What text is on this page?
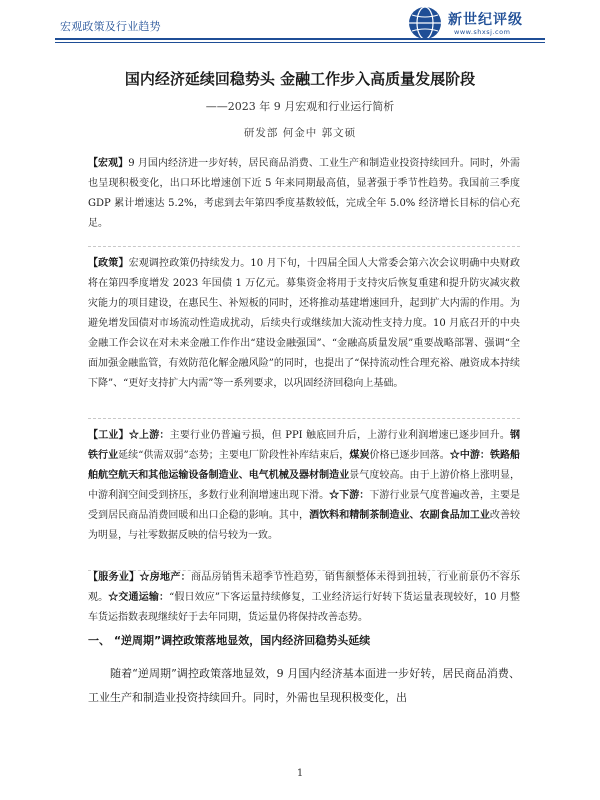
宏观政策及行业趋势	新世纪评级
www.shxsj.com
国内经济延续回稳势头 金融工作步入高质量发展阶段
——2023 年 9 月宏观和行业运行简析
研发部 何金中 郭文硕

【宏观】9 月国内经济进一步好转，居民商品消费、工业生产和制造业投资持续回升。同时，外需也呈现积极变化，出口环比增速创下近 5 年来同期最高值，显著强于季节性趋势。我国前三季度 GDP 累计增速达 5.2%，考虑到去年第四季度基数较低，完成全年 5.0% 经济增长目标的信心充足。

【政策】宏观调控政策仍持续发力。10 月下旬，十四届全国人大常委会第六次会议明确中央财政将在第四季度增发 2023 年国债 1 万亿元。募集资金将用于支持灾后恢复重建和提升防灾减灾救灾能力的项目建设，在惠民生、补短板的同时，还将推动基建增速回升，起到扩大内需的作用。为避免增发国债对市场流动性造成扰动，后续央行或继续加大流动性支持力度。10 月底召开的中央金融工作会议在对未来金融工作作出“建设金融强国”、“金融高质量发展”重要战略部署、强调“全面加强金融监管，有效防范化解金融风险”的同时，也提出了“保持流动性合理充裕、融资成本持续下降”、“更好支持扩大内需”等一系列要求，以巩固经济回稳向上基础。

【工业】☆上游：主要行业仍普遍亏损，但 PPI 触底回升后，上游行业利润增速已逐步回升。钢铁行业延续“供需双弱”态势；主要电厂阶段性补库结束后，煤炭价格已逐步回落。☆中游：铁路船舶航空航天和其他运输设备制造业、电气机械及器材制造业景气度较高。由于上游价格上涨明显，中游利润空间受到挤压，多数行业利润增速出现下滑。☆下游：下游行业景气度普遍改善，主要是受到居民商品消费回暖和出口企稳的影响。其中，酒饮料和精制茶制造业、农副食品加工业改善较为明显，与社零数据反映的信号较为一致。

【服务业】☆房地产：商品房销售未超季节性趋势，销售额整体未得到扭转，行业前景仍不容乐观。☆交通运输：“假日效应”下客运量持续修复，工业经济运行好转下货运量表现较好，10 月整车货运指数表现继续好于去年同期，货运量仍将保持改善态势。

一、 “逆周期”调控政策落地显效，国内经济回稳势头延续

随着“逆周期”调控政策落地显效，9 月国内经济基本面进一步好转，居民商品消费、工业生产和制造业投资持续回升。同时，外需也呈现积极变化，出

1
